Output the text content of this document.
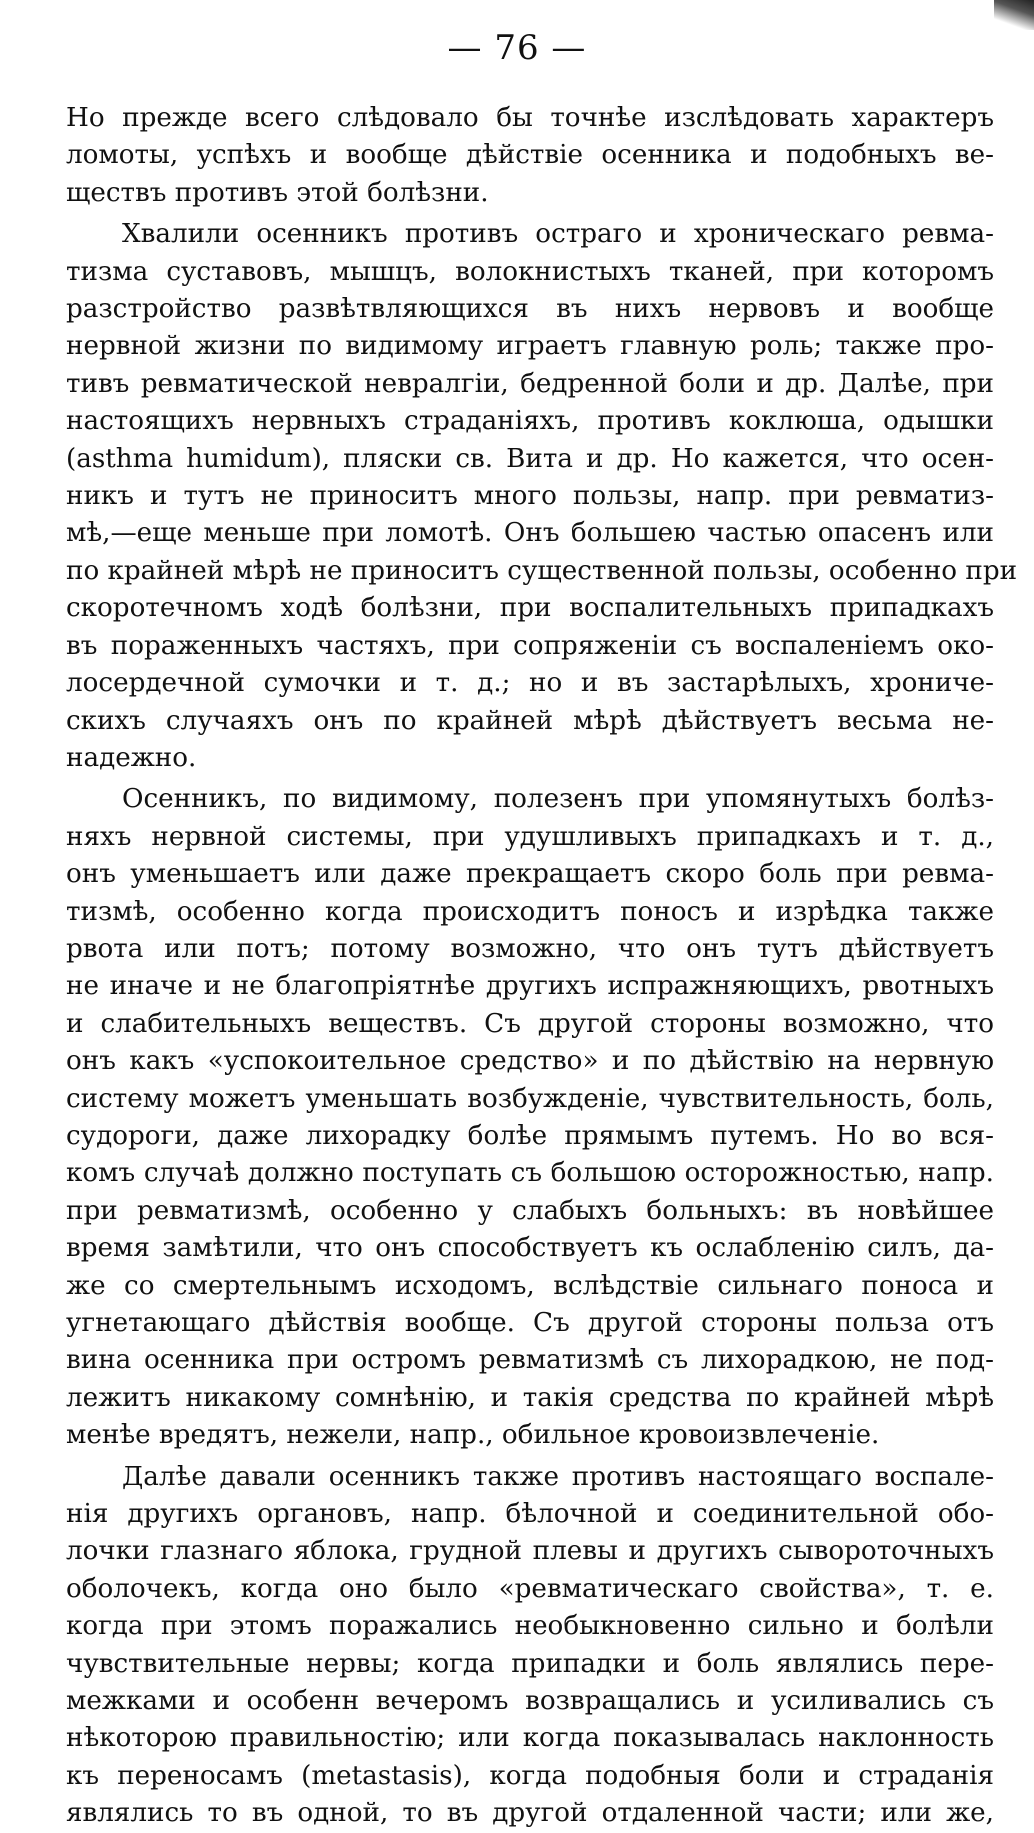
— 76 —

Но прежде всего слѣдовало бы точнѣе изслѣдовать характеръ
ломоты, успѣхъ и вообще дѣйствіе осенника и подобныхъ ве-
ществъ противъ этой болѣзни.

Хвалили осенникъ противъ остраго и хроническаго ревма-
тизма суставовъ, мышцъ, волокнистыхъ тканей, при которомъ
разстройство развѣтвляющихся въ нихъ нервовъ и вообще
нервной жизни по видимому играетъ главную роль; также про-
тивъ ревматической невралгіи, бедренной боли и др. Далѣе, при
настоящихъ нервныхъ страданіяхъ, противъ коклюша, одышки
(asthma humidum), пляски св. Вита и др. Но кажется, что осен-
никъ и тутъ не приноситъ много пользы, напр. при ревматиз-
мѣ,—еще меньше при ломотѣ. Онъ большею частью опасенъ или
по крайней мѣрѣ не приноситъ существенной пользы, особенно при
скоротечномъ ходѣ болѣзни, при воспалительныхъ припадкахъ
въ пораженныхъ частяхъ, при сопряженіи съ воспаленіемъ око-
лосердечной сумочки и т. д.; но и въ застарѣлыхъ, хрониче-
скихъ случаяхъ онъ по крайней мѣрѣ дѣйствуетъ весьма не-
надежно.

Осенникъ, по видимому, полезенъ при упомянутыхъ болѣз-
няхъ нервной системы, при удушливыхъ припадкахъ и т. д.,
онъ уменьшаетъ или даже прекращаетъ скоро боль при ревма-
тизмѣ, особенно когда происходитъ поносъ и изрѣдка также
рвота или потъ; потому возможно, что онъ тутъ дѣйствуетъ
не иначе и не благопріятнѣе другихъ испражняющихъ, рвотныхъ
и слабительныхъ веществъ. Съ другой стороны возможно, что
онъ какъ «успокоительное средство» и по дѣйствію на нервную
систему можетъ уменьшать возбужденіе, чувствительность, боль,
судороги, даже лихорадку болѣе прямымъ путемъ. Но во вся-
комъ случаѣ должно поступать съ большою осторожностью, напр.
при ревматизмѣ, особенно у слабыхъ больныхъ: въ новѣйшее
время замѣтили, что онъ способствуетъ къ ослабленію силъ, да-
же со смертельнымъ исходомъ, вслѣдствіе сильнаго поноса и
угнетающаго дѣйствія вообще. Съ другой стороны польза отъ
вина осенника при остромъ ревматизмѣ съ лихорадкою, не под-
лежитъ никакому сомнѣнію, и такія средства по крайней мѣрѣ
менѣе вредятъ, нежели, напр., обильное кровоизвлеченіе.

Далѣе давали осенникъ также противъ настоящаго воспале-
нія другихъ органовъ, напр. бѣлочной и соединительной обо-
лочки глазнаго яблока, грудной плевы и другихъ сывороточныхъ
оболочекъ, когда оно было «ревматическаго свойства», т. е.
когда при этомъ поражались необыкновенно сильно и болѣли
чувствительные нервы; когда припадки и боль являлись пере-
межками и особенн вечеромъ возвращались и усиливались съ
нѣкоторою правильностію; или когда показывалась наклонность
къ переносамъ (metastasis), когда подобныя боли и страданія
являлись то въ одной, то въ другой отдаленной части; или же,
